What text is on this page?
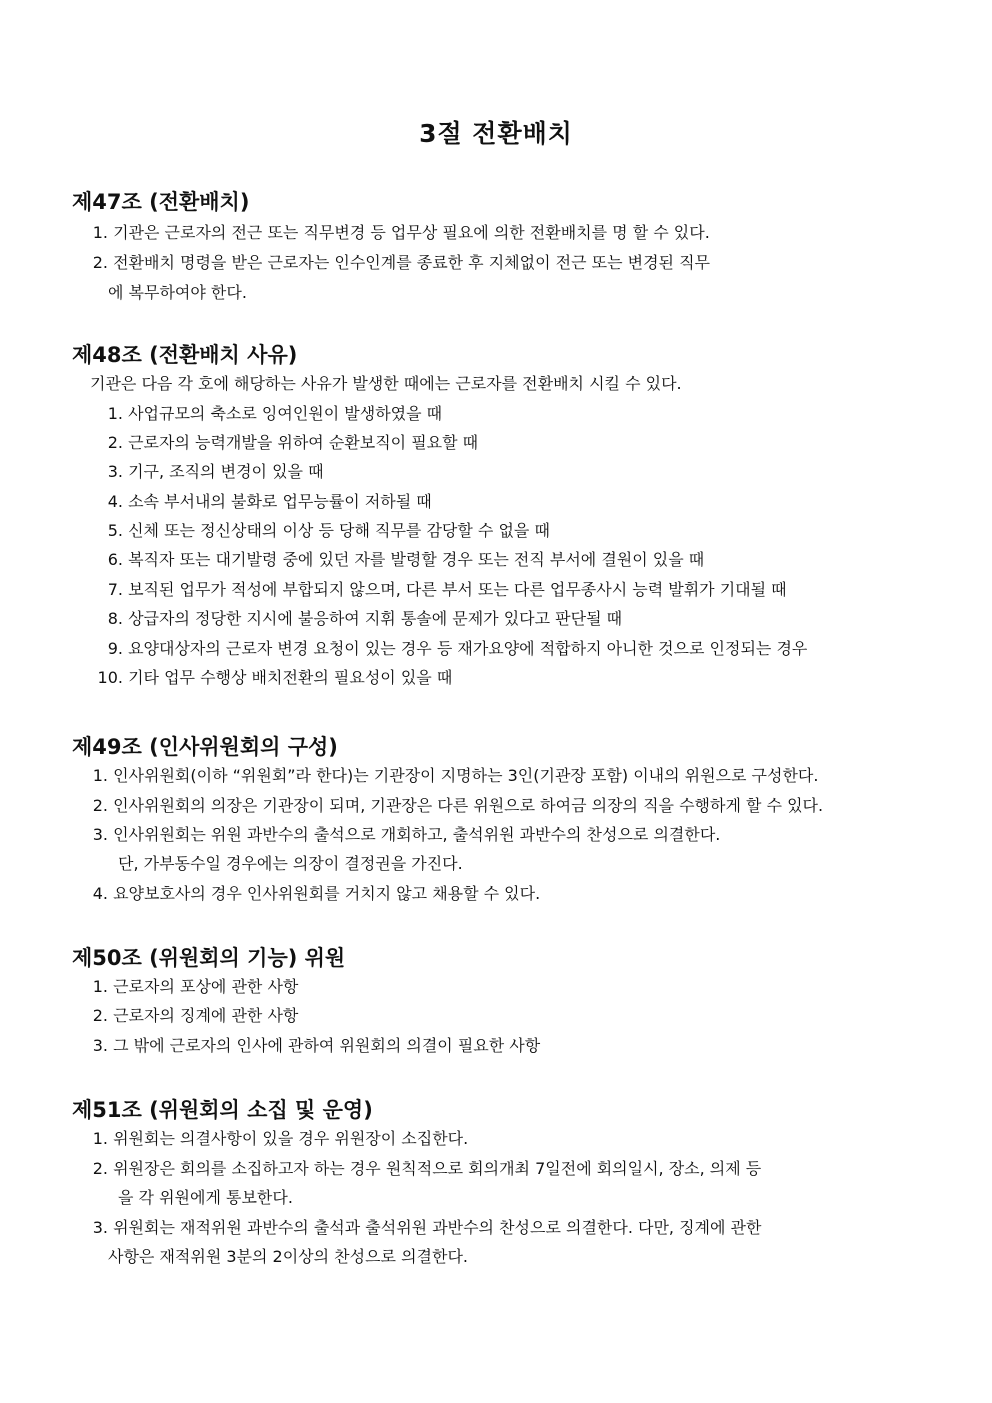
3절 전환배치
제47조 (전환배치)
1. 기관은 근로자의 전근 또는 직무변경 등 업무상 필요에 의한 전환배치를 명 할 수 있다.
2. 전환배치 명령을 받은 근로자는 인수인계를 종료한 후 지체없이 전근 또는 변경된 직무
에 복무하여야 한다.
제48조 (전환배치 사유)
기관은 다음 각 호에 해당하는 사유가 발생한 때에는 근로자를 전환배치 시킬 수 있다.
1. 사업규모의 축소로 잉여인원이 발생하였을 때
2. 근로자의 능력개발을 위하여 순환보직이 필요할 때
3. 기구, 조직의 변경이 있을 때
4. 소속 부서내의 불화로 업무능률이 저하될 때
5. 신체 또는 정신상태의 이상 등 당해 직무를 감당할 수 없을 때
6. 복직자 또는 대기발령 중에 있던 자를 발령할 경우 또는 전직 부서에 결원이 있을 때
7. 보직된 업무가 적성에 부합되지 않으며, 다른 부서 또는 다른 업무종사시 능력 발휘가 기대될 때
8. 상급자의 정당한 지시에 불응하여 지휘 통솔에 문제가 있다고 판단될 때
9. 요양대상자의 근로자 변경 요청이 있는 경우 등 재가요양에 적합하지 아니한 것으로 인정되는 경우
10. 기타 업무 수행상 배치전환의 필요성이 있을 때
제49조 (인사위원회의 구성)
1. 인사위원회(이하 “위원회”라 한다)는 기관장이 지명하는 3인(기관장 포함) 이내의 위원으로 구성한다.
2. 인사위원회의 의장은 기관장이 되며, 기관장은 다른 위원으로 하여금 의장의 직을 수행하게 할 수 있다.
3. 인사위원회는 위원 과반수의 출석으로 개회하고, 출석위원 과반수의 찬성으로 의결한다.
단, 가부동수일 경우에는 의장이 결정권을 가진다.
4. 요양보호사의 경우 인사위원회를 거치지 않고 채용할 수 있다.
제50조 (위원회의 기능) 위원
1. 근로자의 포상에 관한 사항
2. 근로자의 징계에 관한 사항
3. 그 밖에 근로자의 인사에 관하여 위원회의 의결이 필요한 사항
제51조 (위원회의 소집 및 운영)
1. 위원회는 의결사항이 있을 경우 위원장이 소집한다.
2. 위원장은 회의를 소집하고자 하는 경우 원칙적으로 회의개최 7일전에 회의일시, 장소, 의제 등
을 각 위원에게 통보한다.
3. 위원회는 재적위원 과반수의 출석과 출석위원 과반수의 찬성으로 의결한다. 다만, 징계에 관한
사항은 재적위원 3분의 2이상의 찬성으로 의결한다.
